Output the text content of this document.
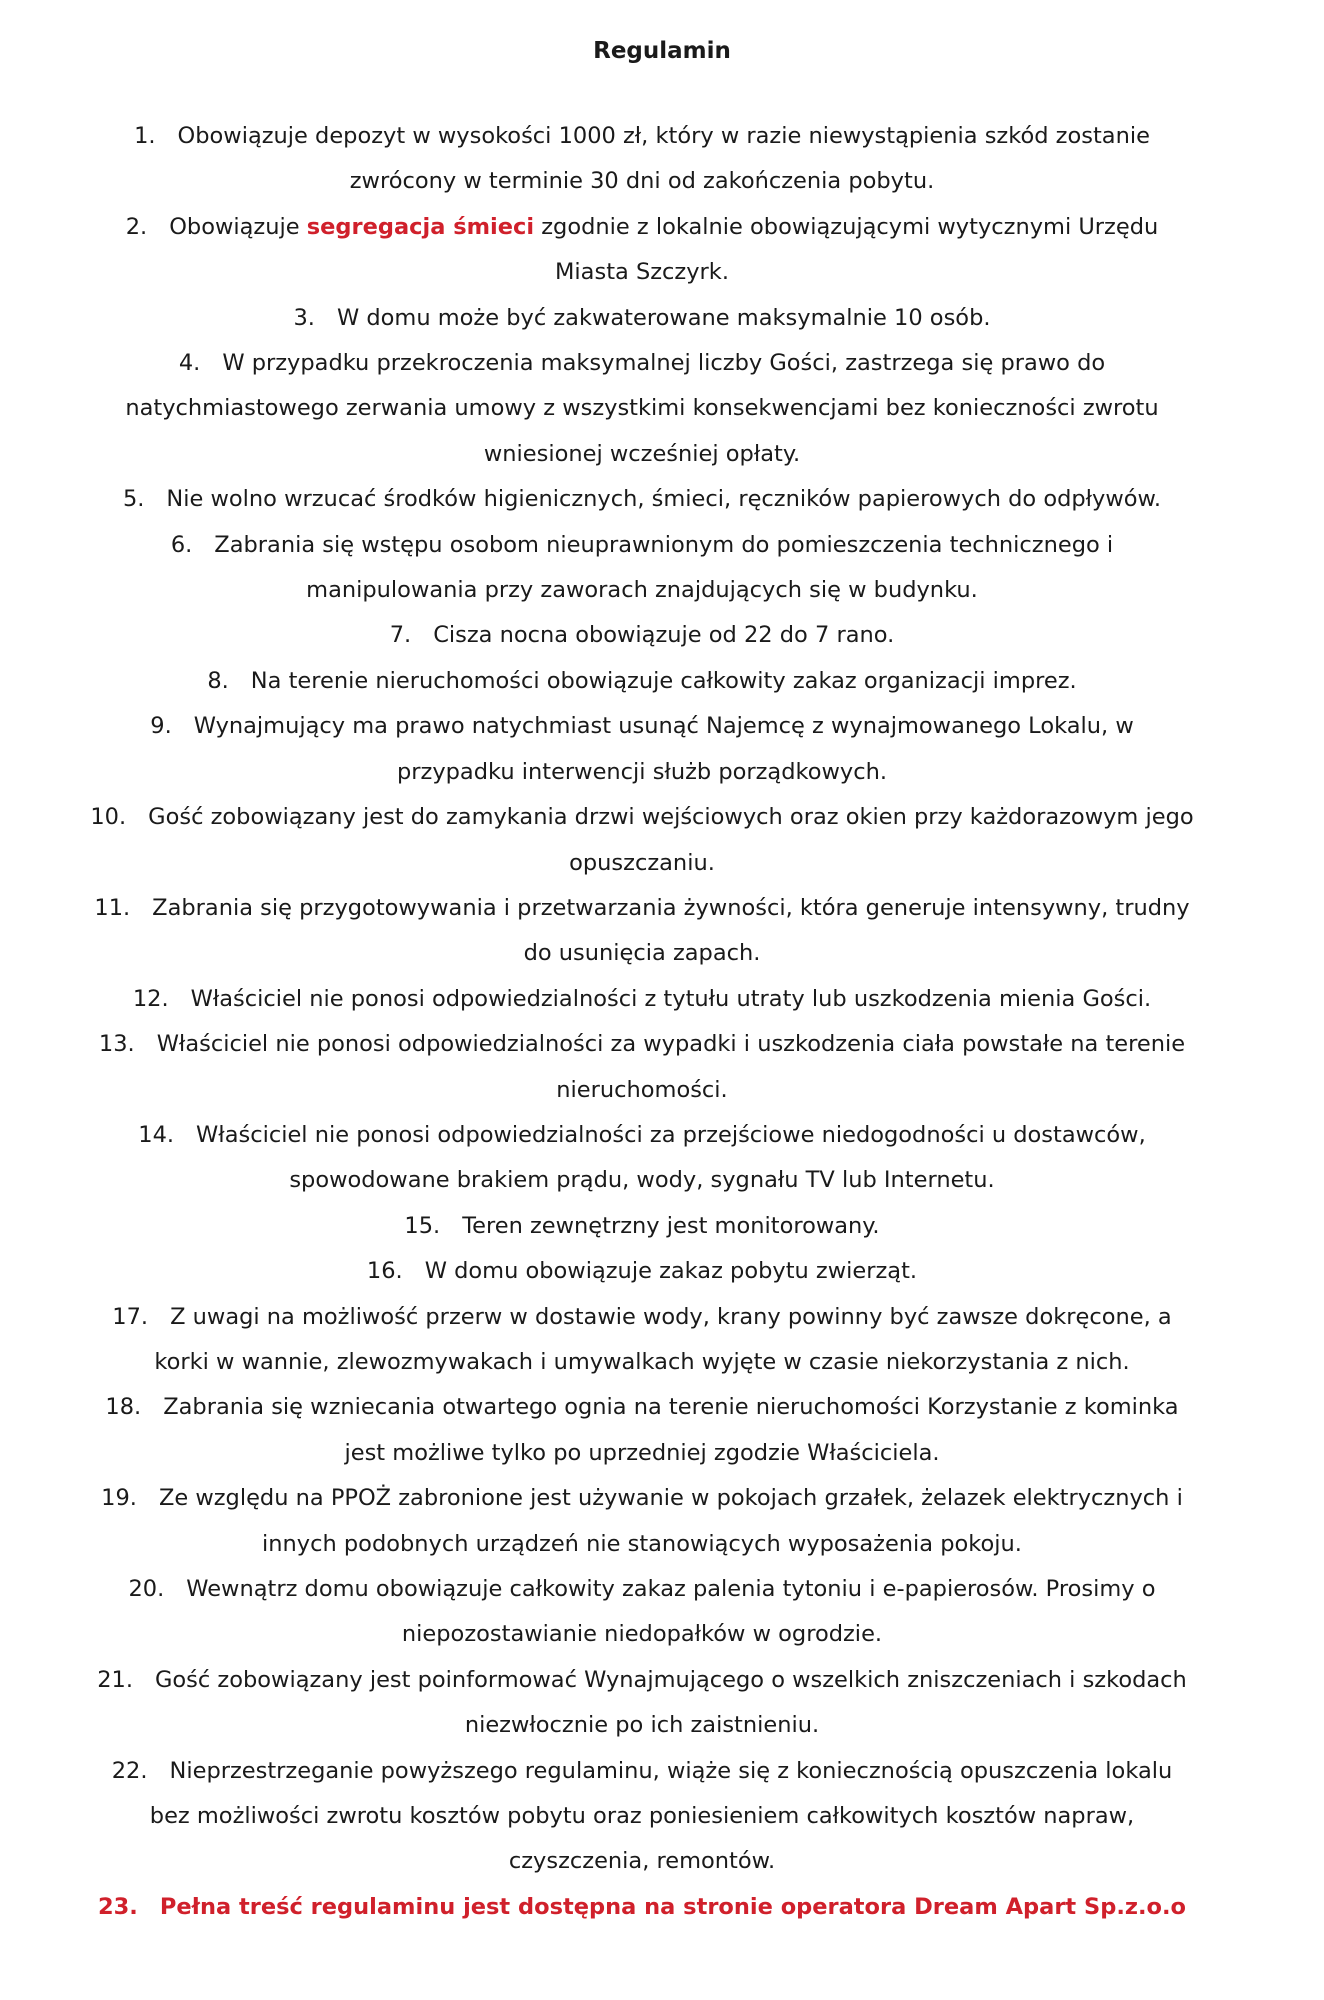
Regulamin
1. Obowiązuje depozyt w wysokości 1000 zł, który w razie niewystąpienia szkód zostanie zwrócony w terminie 30 dni od zakończenia pobytu.
2. Obowiązuje segregacja śmieci zgodnie z lokalnie obowiązującymi wytycznymi Urzędu Miasta Szczyrk.
3. W domu może być zakwaterowane maksymalnie 10 osób.
4. W przypadku przekroczenia maksymalnej liczby Gości, zastrzega się prawo do natychmiastowego zerwania umowy z wszystkimi konsekwencjami bez konieczności zwrotu wniesionej wcześniej opłaty.
5. Nie wolno wrzucać środków higienicznych, śmieci, ręczników papierowych do odpływów.
6. Zabrania się wstępu osobom nieuprawnionym do pomieszczenia technicznego i manipulowania przy zaworach znajdujących się w budynku.
7. Cisza nocna obowiązuje od 22 do 7 rano.
8. Na terenie nieruchomości obowiązuje całkowity zakaz organizacji imprez.
9. Wynajmujący ma prawo natychmiast usunąć Najemcę z wynajmowanego Lokalu, w przypadku interwencji służb porządkowych.
10. Gość zobowiązany jest do zamykania drzwi wejściowych oraz okien przy każdorazowym jego opuszczaniu.
11. Zabrania się przygotowywania i przetwarzania żywności, która generuje intensywny, trudny do usunięcia zapach.
12. Właściciel nie ponosi odpowiedzialności z tytułu utraty lub uszkodzenia mienia Gości.
13. Właściciel nie ponosi odpowiedzialności za wypadki i uszkodzenia ciała powstałe na terenie nieruchomości.
14. Właściciel nie ponosi odpowiedzialności za przejściowe niedogodności u dostawców, spowodowane brakiem prądu, wody, sygnału TV lub Internetu.
15. Teren zewnętrzny jest monitorowany.
16. W domu obowiązuje zakaz pobytu zwierząt.
17. Z uwagi na możliwość przerw w dostawie wody, krany powinny być zawsze dokręcone, a korki w wannie, zlewozmywakach i umywalkach wyjęte w czasie niekorzystania z nich.
18. Zabrania się wzniecania otwartego ognia na terenie nieruchomości Korzystanie z kominka jest możliwe tylko po uprzedniej zgodzie Właściciela.
19. Ze względu na PPOŻ zabronione jest używanie w pokojach grzałek, żelazek elektrycznych i innych podobnych urządzeń nie stanowiących wyposażenia pokoju.
20. Wewnątrz domu obowiązuje całkowity zakaz palenia tytoniu i e-papierosów. Prosimy o niepozostawianie niedopałków w ogrodzie.
21. Gość zobowiązany jest poinformować Wynajmującego o wszelkich zniszczeniach i szkodach niezwłocznie po ich zaistnieniu.
22. Nieprzestrzeganie powyższego regulaminu, wiąże się z koniecznością opuszczenia lokalu bez możliwości zwrotu kosztów pobytu oraz poniesieniem całkowitych kosztów napraw, czyszczenia, remontów.
23. Pełna treść regulaminu jest dostępna na stronie operatora Dream Apart Sp.z.o.o
